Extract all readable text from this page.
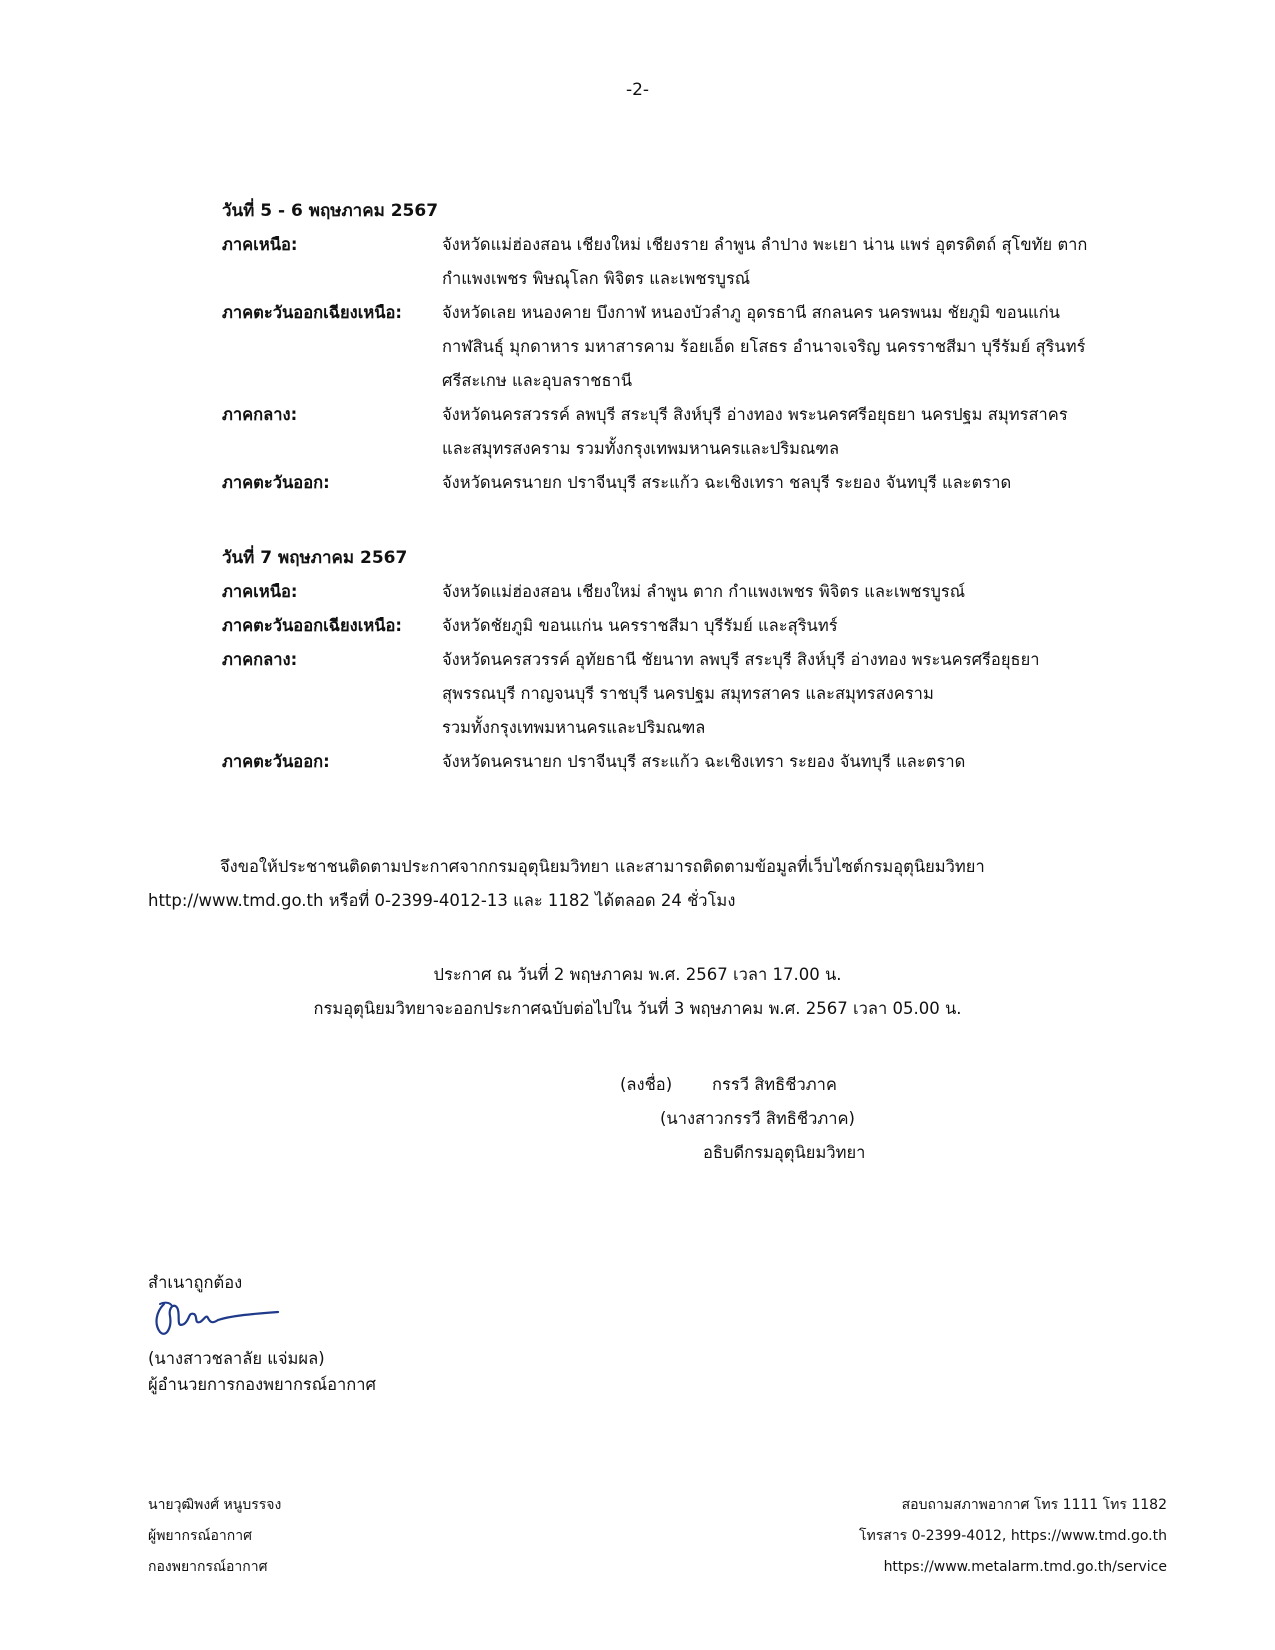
-2-
วันที่ 5 - 6 พฤษภาคม 2567
ภาคเหนือ:	จังหวัดแม่ฮ่องสอน เชียงใหม่ เชียงราย ลำพูน ลำปาง พะเยา น่าน แพร่ อุตรดิตถ์ สุโขทัย ตาก
กำแพงเพชร พิษณุโลก พิจิตร และเพชรบูรณ์
ภาคตะวันออกเฉียงเหนือ:	จังหวัดเลย หนองคาย บึงกาฬ หนองบัวลำภู อุดรธานี สกลนคร นครพนม ชัยภูมิ ขอนแก่น
กาฬสินธุ์ มุกดาหาร มหาสารคาม ร้อยเอ็ด ยโสธร อำนาจเจริญ นครราชสีมา บุรีรัมย์ สุรินทร์
ศรีสะเกษ และอุบลราชธานี
ภาคกลาง:	จังหวัดนครสวรรค์ ลพบุรี สระบุรี สิงห์บุรี อ่างทอง พระนครศรีอยุธยา นครปฐม สมุทรสาคร
และสมุทรสงคราม รวมทั้งกรุงเทพมหานครและปริมณฑล
ภาคตะวันออก:	จังหวัดนครนายก ปราจีนบุรี สระแก้ว ฉะเชิงเทรา ชลบุรี ระยอง จันทบุรี และตราด
วันที่ 7 พฤษภาคม 2567
ภาคเหนือ:	จังหวัดแม่ฮ่องสอน เชียงใหม่ ลำพูน ตาก กำแพงเพชร พิจิตร และเพชรบูรณ์
ภาคตะวันออกเฉียงเหนือ:	จังหวัดชัยภูมิ ขอนแก่น นครราชสีมา บุรีรัมย์ และสุรินทร์
ภาคกลาง:	จังหวัดนครสวรรค์ อุทัยธานี ชัยนาท ลพบุรี สระบุรี สิงห์บุรี อ่างทอง พระนครศรีอยุธยา
สุพรรณบุรี กาญจนบุรี ราชบุรี นครปฐม สมุทรสาคร และสมุทรสงคราม
รวมทั้งกรุงเทพมหานครและปริมณฑล
ภาคตะวันออก:	จังหวัดนครนายก ปราจีนบุรี สระแก้ว ฉะเชิงเทรา ระยอง จันทบุรี และตราด
จึงขอให้ประชาชนติดตามประกาศจากกรมอุตุนิยมวิทยา และสามารถติดตามข้อมูลที่เว็บไซต์กรมอุตุนิยมวิทยา
http://www.tmd.go.th หรือที่ 0-2399-4012-13 และ 1182 ได้ตลอด 24 ชั่วโมง
ประกาศ ณ วันที่ 2 พฤษภาคม พ.ศ. 2567 เวลา 17.00 น.
กรมอุตุนิยมวิทยาจะออกประกาศฉบับต่อไปใน วันที่ 3 พฤษภาคม พ.ศ. 2567 เวลา 05.00 น.
(ลงชื่อ) กรรวี สิทธิชีวภาค
(นางสาวกรรวี สิทธิชีวภาค)
อธิบดีกรมอุตุนิยมวิทยา
สำเนาถูกต้อง
(นางสาวชลาลัย แจ่มผล)
ผู้อำนวยการกองพยากรณ์อากาศ
นายวุฒิพงศ์ หนูบรรจง
ผู้พยากรณ์อากาศ
กองพยากรณ์อากาศ
สอบถามสภาพอากาศ โทร 1111 โทร 1182
โทรสาร 0-2399-4012, https://www.tmd.go.th
https://www.metalarm.tmd.go.th/service
